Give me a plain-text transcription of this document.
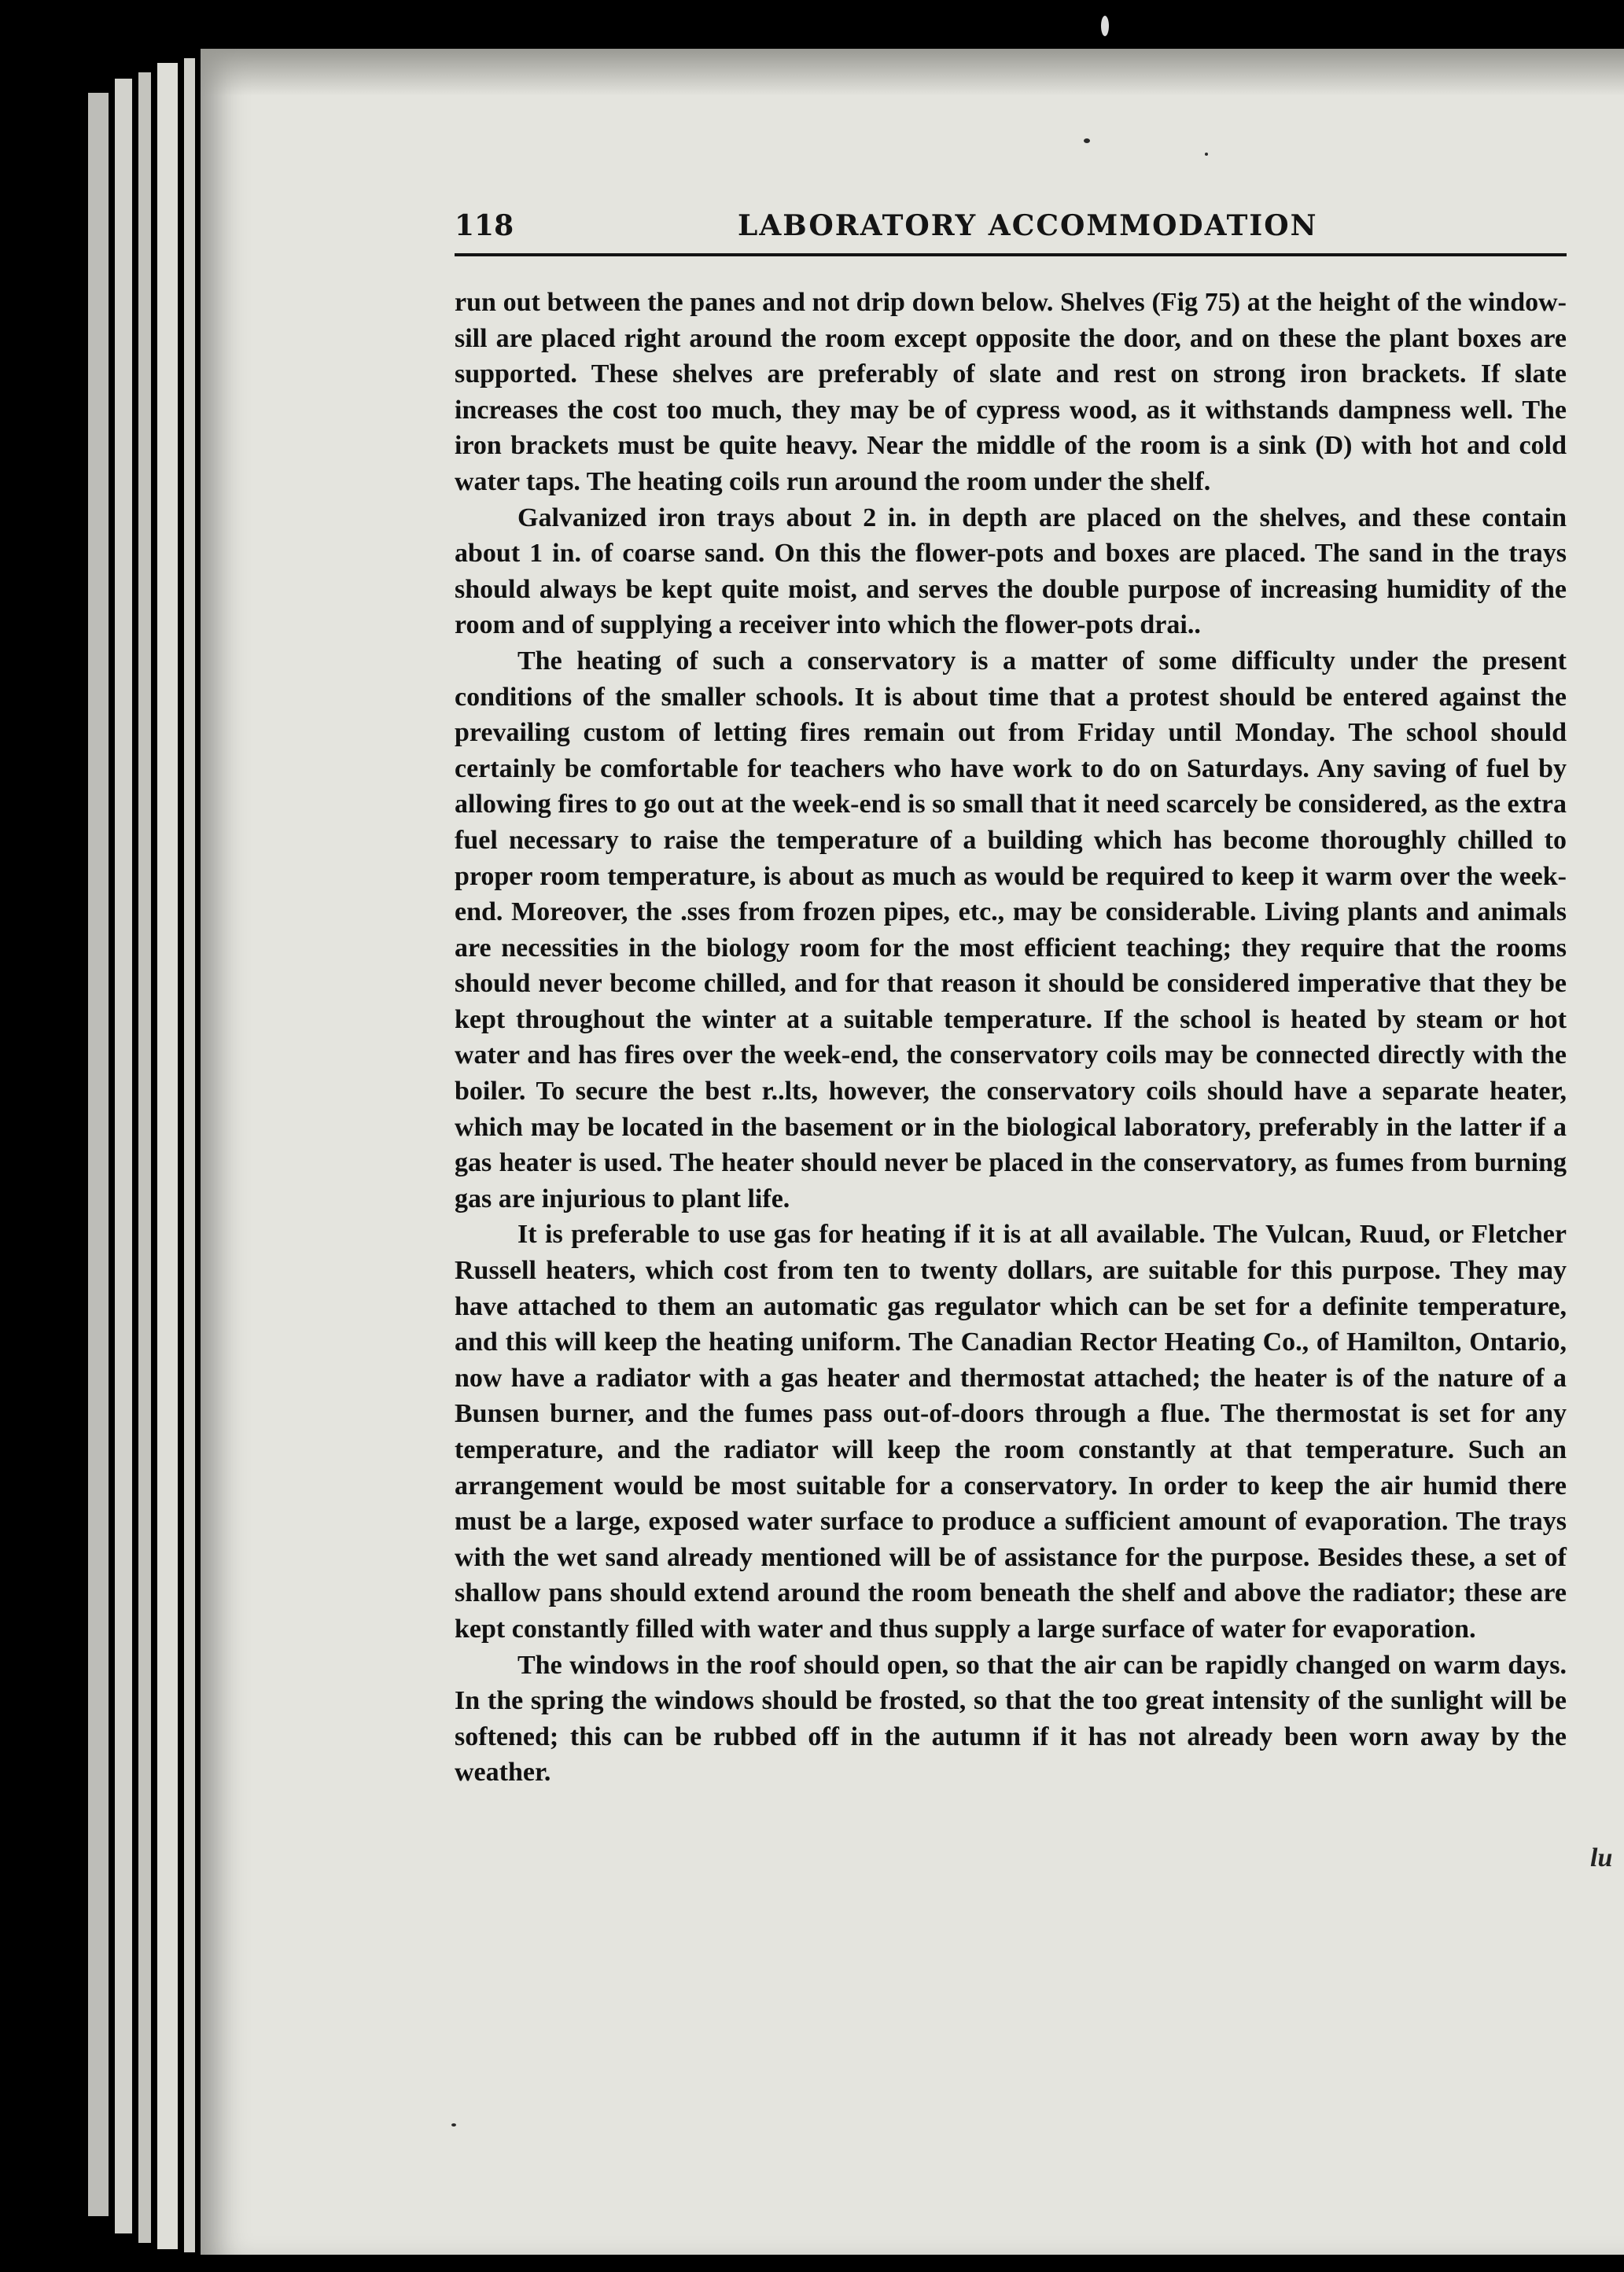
118	LABORATORY ACCOMMODATION

run out between the panes and not drip down below. Shelves (Fig 75) at the height of the window-sill are placed right around the room except opposite the door, and on these the plant boxes are supported. These shelves are preferably of slate and rest on strong iron brackets. If slate increases the cost too much, they may be of cypress wood, as it withstands dampness well. The iron brackets must be quite heavy. Near the middle of the room is a sink (D) with hot and cold water taps. The heating coils run around the room under the shelf.

Galvanized iron trays about 2 in. in depth are placed on the shelves, and these contain about 1 in. of coarse sand. On this the flower-pots and boxes are placed. The sand in the trays should always be kept quite moist, and serves the double purpose of increasing humidity of the room and of supplying a receiver into which the flower-pots drai..

The heating of such a conservatory is a matter of some difficulty under the present conditions of the smaller schools. It is about time that a protest should be entered against the prevailing custom of letting fires remain out from Friday until Monday. The school should certainly be comfortable for teachers who have work to do on Saturdays. Any saving of fuel by allowing fires to go out at the week-end is so small that it need scarcely be considered, as the extra fuel necessary to raise the temperature of a building which has become thoroughly chilled to proper room temperature, is about as much as would be required to keep it warm over the week-end. Moreover, the .sses from frozen pipes, etc., may be considerable. Living plants and animals are necessities in the biology room for the most efficient teaching; they require that the rooms should never become chilled, and for that reason it should be considered imperative that they be kept throughout the winter at a suitable temperature. If the school is heated by steam or hot water and has fires over the week-end, the conservatory coils may be connected directly with the boiler. To secure the best r..lts, however, the conservatory coils should have a separate heater, which may be located in the basement or in the biological laboratory, preferably in the latter if a gas heater is used. The heater should never be placed in the conservatory, as fumes from burning gas are injurious to plant life.

It is preferable to use gas for heating if it is at all available. The Vulcan, Ruud, or Fletcher Russell heaters, which cost from ten to twenty dollars, are suitable for this purpose. They may have attached to them an automatic gas regulator which can be set for a definite temperature, and this will keep the heating uniform. The Canadian Rector Heating Co., of Hamilton, Ontario, now have a radiator with a gas heater and thermostat attached; the heater is of the nature of a Bunsen burner, and the fumes pass out-of-doors through a flue. The thermostat is set for any temperature, and the radiator will keep the room constantly at that temperature. Such an arrangement would be most suitable for a conservatory. In order to keep the air humid there must be a large, exposed water surface to produce a sufficient amount of evaporation. The trays with the wet sand already mentioned will be of assistance for the purpose. Besides these, a set of shallow pans should extend around the room beneath the shelf and above the radiator; these are kept constantly filled with water and thus supply a large surface of water for evaporation.

The windows in the roof should open, so that the air can be rapidly changed on warm days. In the spring the windows should be frosted, so that the too great intensity of the sunlight will be softened; this can be rubbed off in the autumn if it has not already been worn away by the weather.

lu
